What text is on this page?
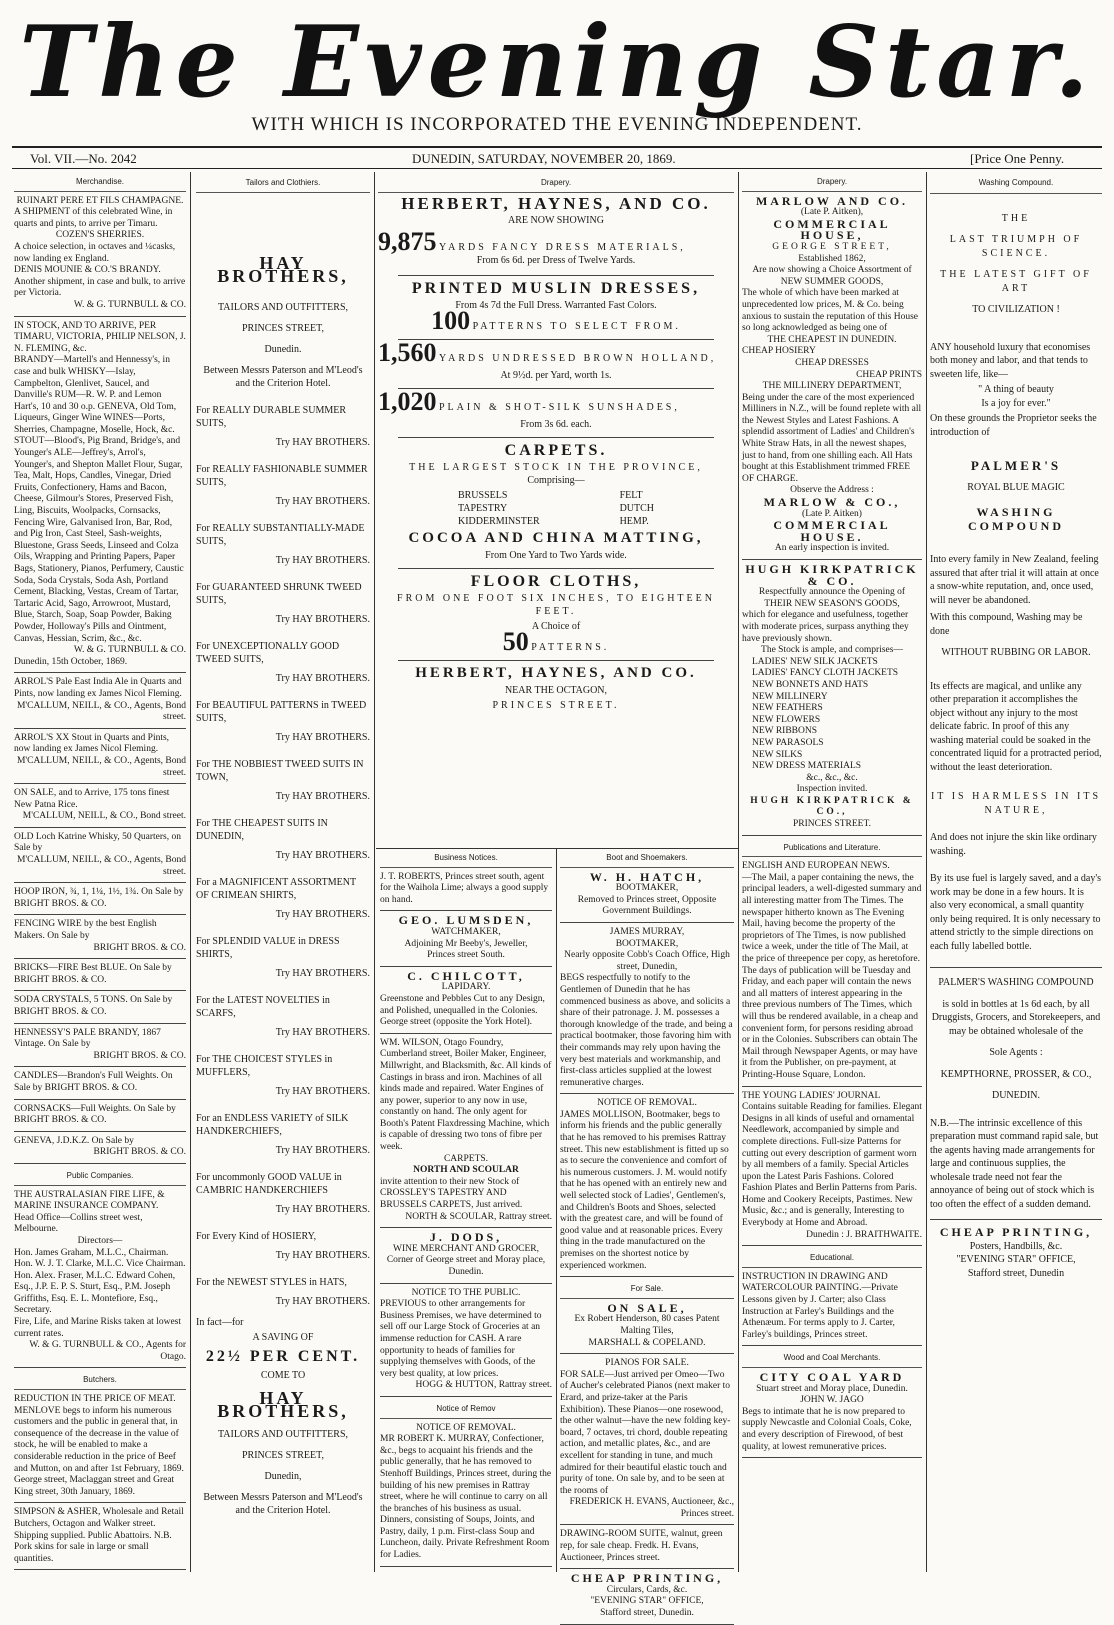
The Evening Star.
WITH WHICH IS INCORPORATED THE EVENING INDEPENDENT.
Vol. VII.—No. 2042	DUNEDIN, SATURDAY, NOVEMBER 20, 1869.	[Price One Penny.
Merchandise.

RUINART PERE ET FILS CHAMPAGNE.

A SHIPMENT of this celebrated Wine, in quarts and pints, to arrive per Timaru.

COZEN'S SHERRIES.

A choice selection, in octaves and ¼casks, now landing ex England.

DENIS MOUNIE & CO.'S BRANDY.

Another shipment, in case and bulk, to arrive per Victoria.

W. & G. TURNBULL & CO.

IN STOCK, AND TO ARRIVE, PER TIMARU, VICTORIA, PHILIP NELSON, J. N. FLEMING, &c.

BRANDY—Martell's and Hennessy's, in case and bulk WHISKY—Islay, Campbelton, Glenlivet, Saucel, and Danville's RUM—R. W. P. and Lemon Hart's, 10 and 30 o.p. GENEVA, Old Tom, Liqueurs, Ginger Wine WINES—Ports, Sherries, Champagne, Moselle, Hock, &c. STOUT—Blood's, Pig Brand, Bridge's, and Younger's ALE—Jeffrey's, Arrol's, Younger's, and Shepton Mallet Flour, Sugar, Tea, Malt, Hops, Candles, Vinegar, Dried Fruits, Confectionery, Hams and Bacon, Cheese, Gilmour's Stores, Preserved Fish, Ling, Biscuits, Woolpacks, Cornsacks, Fencing Wire, Galvanised Iron, Bar, Rod, and Pig Iron, Cast Steel, Sash-weights, Bluestone, Grass Seeds, Linseed and Colza Oils, Wrapping and Printing Papers, Paper Bags, Stationery, Pianos, Perfumery, Caustic Soda, Soda Crystals, Soda Ash, Portland Cement, Blacking, Vestas, Cream of Tartar, Tartaric Acid, Sago, Arrowroot, Mustard, Blue, Starch, Soap, Soap Powder, Baking Powder, Holloway's Pills and Ointment, Canvas, Hessian, Scrim, &c., &c.

W. & G. TURNBULL & CO.

Dunedin, 15th October, 1869.

ARROL'S Pale East India Ale in Quarts and Pints, now landing ex James Nicol Fleming.

M'CALLUM, NEILL, & CO., Agents, Bond street.

ARROL'S XX Stout in Quarts and Pints, now landing ex James Nicol Fleming.

M'CALLUM, NEILL, & CO., Agents, Bond street.

ON SALE, and to Arrive, 175 tons finest New Patna Rice.

M'CALLUM, NEILL, & CO., Bond street.

OLD Loch Katrine Whisky, 50 Quarters, on Sale by

M'CALLUM, NEILL, & CO., Agents, Bond street.

HOOP IRON, ¾, 1, 1¼, 1½, 1¾. On Sale by BRIGHT BROS. & CO.

FENCING WIRE by the best English Makers. On Sale by

BRIGHT BROS. & CO.

BRICKS—FIRE Best BLUE. On Sale by BRIGHT BROS. & CO.

SODA CRYSTALS, 5 TONS. On Sale by BRIGHT BROS. & CO.

HENNESSY'S PALE BRANDY, 1867 Vintage. On Sale by

BRIGHT BROS. & CO.

CANDLES—Brandon's Full Weights. On Sale by BRIGHT BROS. & CO.

CORNSACKS—Full Weights. On Sale by BRIGHT BROS. & CO.

GENEVA, J.D.K.Z. On Sale by

BRIGHT BROS. & CO.

Public Companies.

THE AUSTRALASIAN FIRE LIFE, & MARINE INSURANCE COMPANY.

Head Office—Collins street west, Melbourne.

Directors—

Hon. James Graham, M.L.C., Chairman. Hon. W. J. T. Clarke, M.L.C. Vice Chairman. Hon. Alex. Fraser, M.L.C. Edward Cohen, Esq., J.P. E. P. S. Sturt, Esq., P.M. Joseph Griffiths, Esq. E. L. Montefiore, Esq., Secretary.

Fire, Life, and Marine Risks taken at lowest current rates.

W. & G. TURNBULL & CO., Agents for Otago.

Butchers.

REDUCTION IN THE PRICE OF MEAT.

MENLOVE begs to inform his numerous customers and the public in general that, in consequence of the decrease in the value of stock, he will be enabled to make a considerable reduction in the price of Beef and Mutton, on and after 1st February, 1869.

George street, Maclaggan street and Great King street, 30th January, 1869.

SIMPSON & ASHER, Wholesale and Retail Butchers, Octagon and Walker street. Shipping supplied. Public Abattoirs. N.B. Pork skins for sale in large or small quantities.

Tailors and Clothiers.

HAY BROTHERS,

TAILORS AND OUTFITTERS,

PRINCES STREET,

Dunedin.

Between Messrs Paterson and M'Leod's and the Criterion Hotel.

For REALLY DURABLE SUMMER SUITS,

Try HAY BROTHERS.

For REALLY FASHIONABLE SUMMER SUITS,

Try HAY BROTHERS.

For REALLY SUBSTANTIALLY-MADE SUITS,

Try HAY BROTHERS.

For GUARANTEED SHRUNK TWEED SUITS,

Try HAY BROTHERS.

For UNEXCEPTIONALLY GOOD TWEED SUITS,

Try HAY BROTHERS.

For BEAUTIFUL PATTERNS in TWEED SUITS,

Try HAY BROTHERS.

For THE NOBBIEST TWEED SUITS IN TOWN,

Try HAY BROTHERS.

For THE CHEAPEST SUITS IN DUNEDIN,

Try HAY BROTHERS.

For a MAGNIFICENT ASSORTMENT OF CRIMEAN SHIRTS,

Try HAY BROTHERS.

For SPLENDID VALUE in DRESS SHIRTS,

Try HAY BROTHERS.

For the LATEST NOVELTIES in SCARFS,

Try HAY BROTHERS.

For THE CHOICEST STYLES in MUFFLERS,

Try HAY BROTHERS.

For an ENDLESS VARIETY of SILK HANDKERCHIEFS,

Try HAY BROTHERS.

For uncommonly GOOD VALUE in CAMBRIC HANDKERCHIEFS

Try HAY BROTHERS.

For Every Kind of HOSIERY,

Try HAY BROTHERS.

For the NEWEST STYLES in HATS,

Try HAY BROTHERS.

In fact—for

A SAVING OF

22½ PER CENT.

COME TO

HAY BROTHERS,

TAILORS AND OUTFITTERS,

PRINCES STREET,

Dunedin,

Between Messrs Paterson and M'Leod's and the Criterion Hotel.

Drapery.

HERBERT, HAYNES, AND CO.

ARE NOW SHOWING

9,875 YARDS FANCY DRESS MATERIALS,

From 6s 6d. per Dress of Twelve Yards.

PRINTED MUSLIN DRESSES,

From 4s 7d the Full Dress. Warranted Fast Colors.

100 PATTERNS TO SELECT FROM.

1,560 YARDS UNDRESSED BROWN HOLLAND,

At 9½d. per Yard, worth 1s.

1,020 PLAIN & SHOT-SILK SUNSHADES,

From 3s 6d. each.

CARPETS.

THE LARGEST STOCK IN THE PROVINCE,

Comprising—

BRUSSELS

TAPESTRY

KIDDERMINSTER

FELT

DUTCH

HEMP.

COCOA AND CHINA MATTING,

From One Yard to Two Yards wide.

FLOOR CLOTHS,

FROM ONE FOOT SIX INCHES, TO EIGHTEEN FEET.

A Choice of

50 PATTERNS.

HERBERT, HAYNES, AND CO.

NEAR THE OCTAGON,

PRINCES STREET.

Business Notices.

J. T. ROBERTS, Princes street south, agent for the Waihola Lime; always a good supply on hand.

GEO. LUMSDEN,

WATCHMAKER,

Adjoining Mr Beeby's, Jeweller,

Princes street South.

C. CHILCOTT,

LAPIDARY.

Greenstone and Pebbles Cut to any Design, and Polished, unequalled in the Colonies. George street (opposite the York Hotel).

WM. WILSON, Otago Foundry, Cumberland street, Boiler Maker, Engineer, Millwright, and Blacksmith, &c. All kinds of Castings in brass and iron. Machines of all kinds made and repaired. Water Engines of any power, superior to any now in use, constantly on hand. The only agent for Booth's Patent Flaxdressing Machine, which is capable of dressing two tons of fibre per week.

CARPETS.

NORTH AND SCOULAR

invite attention to their new Stock of CROSSLEY'S TAPESTRY AND BRUSSELS CARPETS, Just arrived.

NORTH & SCOULAR, Rattray street.

J. DODS,

WINE MERCHANT AND GROCER,

Corner of George street and Moray place,

Dunedin.

NOTICE TO THE PUBLIC.

PREVIOUS to other arrangements for Business Premises, we have determined to sell off our Large Stock of Groceries at an immense reduction for CASH. A rare opportunity to heads of families for supplying themselves with Goods, of the very best quality, at low prices.

HOGG & HUTTON, Rattray street.

Notice of Remov

NOTICE OF REMOVAL.

MR ROBERT K. MURRAY, Confectioner, &c., begs to acquaint his friends and the public generally, that he has removed to Stenhoff Buildings, Princes street, during the building of his new premises in Rattray street, where he will continue to carry on all the branches of his business as usual. Dinners, consisting of Soups, Joints, and Pastry, daily, 1 p.m. First-class Soup and Luncheon, daily. Private Refreshment Room for Ladies.

Boot and Shoemakers.

W. H. HATCH,

BOOTMAKER,

Removed to Princes street, Opposite Government Buildings.

JAMES MURRAY,

BOOTMAKER,

Nearly opposite Cobb's Coach Office, High street, Dunedin,

BEGS respectfully to notify to the Gentlemen of Dunedin that he has commenced business as above, and solicits a share of their patronage. J. M. possesses a thorough knowledge of the trade, and being a practical bootmaker, those favoring him with their commands may rely upon having the very best materials and workmanship, and first-class articles supplied at the lowest remunerative charges.

NOTICE OF REMOVAL.

JAMES MOLLISON, Bootmaker, begs to inform his friends and the public generally that he has removed to his premises Rattray street. This new establishment is fitted up so as to secure the convenience and comfort of his numerous customers. J. M. would notify that he has opened with an entirely new and well selected stock of Ladies', Gentlemen's, and Children's Boots and Shoes, selected with the greatest care, and will be found of good value and at reasonable prices. Every thing in the trade manufactured on the premises on the shortest notice by experienced workmen.

For Sale.

ON SALE,

Ex Robert Henderson, 80 cases Patent Malting Tiles,

MARSHALL & COPELAND.

PIANOS FOR SALE.

FOR SALE—Just arrived per Omeo—Two of Aucher's celebrated Pianos (next maker to Erard, and prize-taker at the Paris Exhibition). These Pianos—one rosewood, the other walnut—have the new folding key-board, 7 octaves, tri chord, double repeating action, and metallic plates, &c., and are excellent for standing in tune, and much admired for their beautiful elastic touch and purity of tone. On sale by, and to be seen at the rooms of

FREDERICK H. EVANS, Auctioneer, &c., Princes street.

DRAWING-ROOM SUITE, walnut, green rep, for sale cheap. Fredk. H. Evans, Auctioneer, Princes street.

CHEAP PRINTING,

Circulars, Cards, &c.

"EVENING STAR" OFFICE,

Stafford street, Dunedin.

Drapery.

MARLOW AND CO.

(Late P. Aitken),

COMMERCIAL HOUSE,

GEORGE STREET,

Established 1862,

Are now showing a Choice Assortment of

NEW SUMMER GOODS,

The whole of which have been marked at unprecedented low prices, M. & Co. being anxious to sustain the reputation of this House so long acknowledged as being one of

THE CHEAPEST IN DUNEDIN.

CHEAP HOSIERY

CHEAP DRESSES

CHEAP PRINTS

THE MILLINERY DEPARTMENT,

Being under the care of the most experienced Milliners in N.Z., will be found replete with all the Newest Styles and Latest Fashions. A splendid assortment of Ladies' and Children's White Straw Hats, in all the newest shapes, just to hand, from one shilling each. All Hats bought at this Establishment trimmed FREE OF CHARGE.

Observe the Address :

MARLOW & CO.,

(Late P. Aitken)

COMMERCIAL HOUSE.

An early inspection is invited.

HUGH KIRKPATRICK & CO.

Respectfully announce the Opening of

THEIR NEW SEASON'S GOODS,

which for elegance and usefulness, together with moderate prices, surpass anything they have previously shown.

The Stock is ample, and comprises—

LADIES' NEW SILK JACKETS

LADIES' FANCY CLOTH JACKETS

NEW BONNETS AND HATS

NEW MILLINERY

NEW FEATHERS

NEW FLOWERS

NEW RIBBONS

NEW PARASOLS

NEW SILKS

NEW DRESS MATERIALS

&c., &c., &c.

Inspection invited.

HUGH KIRKPATRICK & CO.,

PRINCES STREET.

Publications and Literature.

ENGLISH AND EUROPEAN NEWS.

—The Mail, a paper containing the news, the principal leaders, a well-digested summary and all interesting matter from The Times. The newspaper hitherto known as The Evening Mail, having become the property of the proprietors of The Times, is now published twice a week, under the title of The Mail, at the price of threepence per copy, as heretofore. The days of publication will be Tuesday and Friday, and each paper will contain the news and all matters of interest appearing in the three previous numbers of The Times, which will thus be rendered available, in a cheap and convenient form, for persons residing abroad or in the Colonies. Subscribers can obtain The Mail through Newspaper Agents, or may have it from the Publisher, on pre-payment, at Printing-House Square, London.

THE YOUNG LADIES' JOURNAL

Contains suitable Reading for families. Elegant Designs in all kinds of useful and ornamental Needlework, accompanied by simple and complete directions. Full-size Patterns for cutting out every description of garment worn by all members of a family. Special Articles upon the Latest Paris Fashions. Colored Fashion Plates and Berlin Patterns from Paris. Home and Cookery Receipts, Pastimes. New Music, &c.; and is generally, Interesting to Everybody at Home and Abroad.

Dunedin : J. BRAITHWAITE.

Educational.

INSTRUCTION IN DRAWING AND WATERCOLOUR PAINTING.—Private Lessons given by J. Carter; also Class Instruction at Farley's Buildings and the Athenæum. For terms apply to J. Carter, Farley's buildings, Princes street.

Wood and Coal Merchants.

CITY COAL YARD

Stuart street and Moray place, Dunedin.

JOHN W. JAGO

Begs to intimate that he is now prepared to supply Newcastle and Colonial Coals, Coke, and every description of Firewood, of best quality, at lowest remunerative prices.

Washing Compound.

THE

LAST TRIUMPH OF SCIENCE.

THE LATEST GIFT OF ART

TO CIVILIZATION !

ANY household luxury that economises both money and labor, and that tends to sweeten life, like—

" A thing of beauty

Is a joy for ever."

On these grounds the Proprietor seeks the introduction of

PALMER'S

ROYAL BLUE MAGIC

WASHING COMPOUND

Into every family in New Zealand, feeling assured that after trial it will attain at once a snow-white reputation, and, once used, will never be abandoned.

With this compound, Washing may be done

WITHOUT RUBBING OR LABOR.

Its effects are magical, and unlike any other preparation it accomplishes the object without any injury to the most delicate fabric. In proof of this any washing material could be soaked in the concentrated liquid for a protracted period, without the least deterioration.

IT IS HARMLESS IN ITS NATURE,

And does not injure the skin like ordinary washing.

By its use fuel is largely saved, and a day's work may be done in a few hours. It is also very economical, a small quantity only being required. It is only necessary to attend strictly to the simple directions on each fully labelled bottle.

PALMER'S WASHING COMPOUND

is sold in bottles at 1s 6d each, by all Druggists, Grocers, and Storekeepers, and may be obtained wholesale of the

Sole Agents :

KEMPTHORNE, PROSSER, & CO.,

DUNEDIN.

N.B.—The intrinsic excellence of this preparation must command rapid sale, but the agents having made arrangements for large and continuous supplies, the wholesale trade need not fear the annoyance of being out of stock which is too often the effect of a sudden demand.

CHEAP PRINTING,

Posters, Handbills, &c.

"EVENING STAR" OFFICE,

Stafford street, Dunedin
